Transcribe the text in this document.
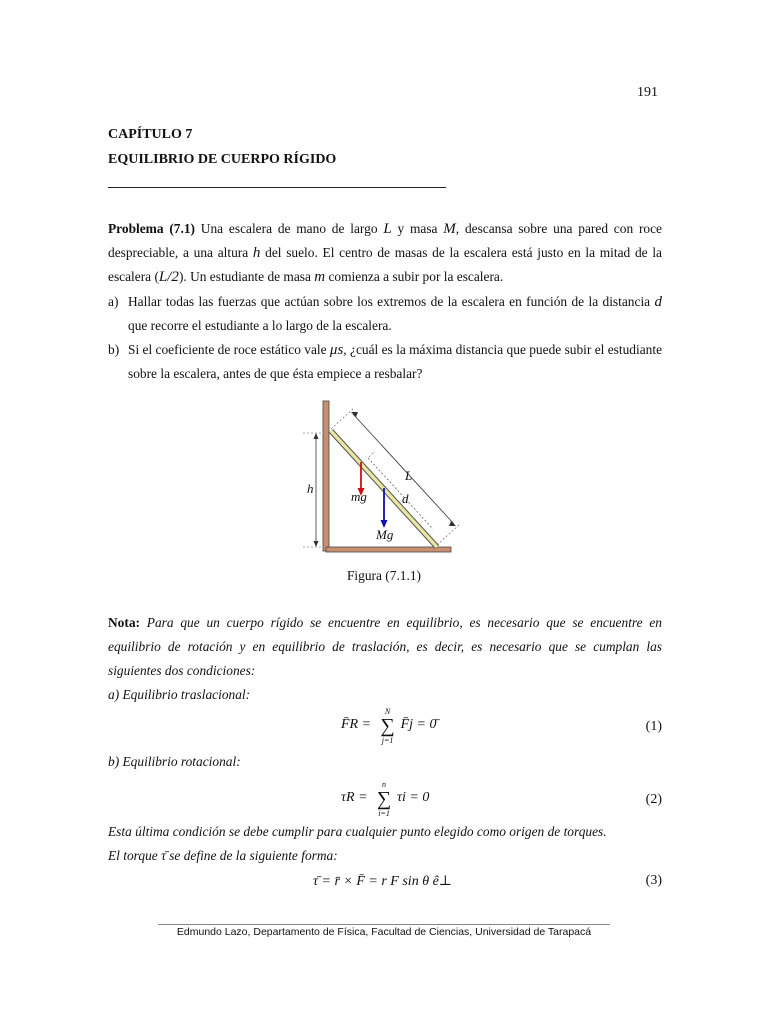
191
CAPÍTULO 7
EQUILIBRIO DE CUERPO RÍGIDO
Problema (7.1) Una escalera de mano de largo L y masa M, descansa sobre una pared con roce despreciable, a una altura h del suelo. El centro de masas de la escalera está justo en la mitad de la escalera (L/2). Un estudiante de masa m comienza a subir por la escalera.
a) Hallar todas las fuerzas que actúan sobre los extremos de la escalera en función de la distancia d que recorre el estudiante a lo largo de la escalera.
b) Si el coeficiente de roce estático vale μs, ¿cuál es la máxima distancia que puede subir el estudiante sobre la escalera, antes de que ésta empiece a resbalar?
h
L
d
mg
Mg
Figura (7.1.1)
Nota: Para que un cuerpo rígido se encuentre en equilibrio, es necesario que se encuentre en equilibrio de rotación y en equilibrio de traslación, es decir, es necesario que se cumplan las siguientes dos condiciones:
a) Equilibrio traslacional:
F̄R =
N
∑
j=1
F̄j = 0̄	(1)
b) Equilibrio rotacional:
τR =
n
∑
i=1
τi = 0	(2)
Esta última condición se debe cumplir para cualquier punto elegido como origen de torques.
El torque τ̄ se define de la siguiente forma:
τ̄ = r̄ × F̄ = r F sin θ ê⊥	(3)
Edmundo Lazo, Departamento de Física, Facultad de Ciencias, Universidad de Tarapacá
